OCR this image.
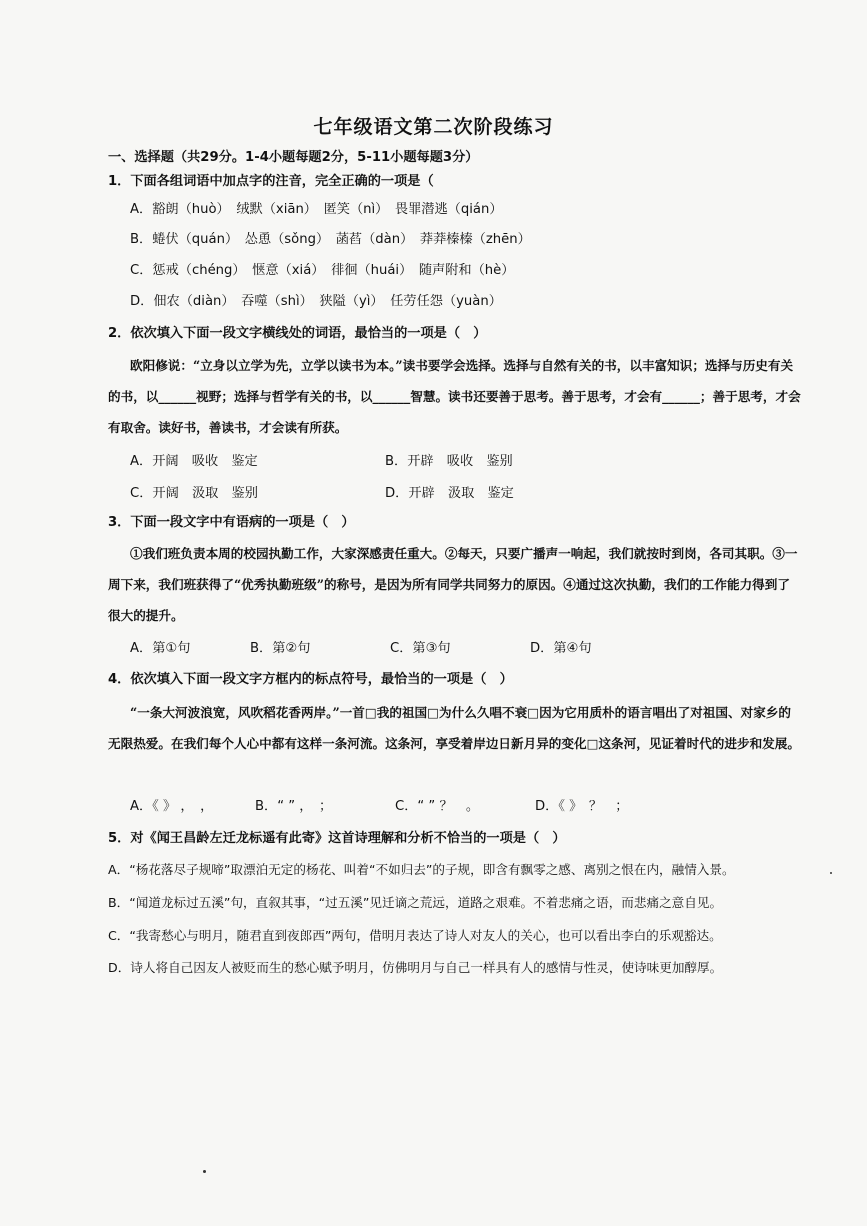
七年级语文第二次阶段练习
一、选择题（共29分。1-4小题每题2分，5-11小题每题3分）
1．下面各组词语中加点字的注音，完全正确的一项是（
A．豁朗（huò）　绒默（xiān）　匿笑（nì）　畏罪潜逃（qián）
B．蜷伏（quán）　怂恿（sǒng）　菡萏（dàn）　莽莽榛榛（zhēn）
C．惩戒（chéng）　惬意（xiá）　徘徊（huái）　随声附和（hè）
D．佃农（diàn）　吞噬（shì）　狭隘（yì）　任劳任怨（yuàn）
2．依次填入下面一段文字横线处的词语，最恰当的一项是（　）
欧阳修说：“立身以立学为先，立学以读书为本。”读书要学会选择。选择与自然有关的书，以丰富知识；选择与历史有关的书，以______视野；选择与哲学有关的书，以______智慧。读书还要善于思考。善于思考，才会有______；善于思考，才会有取舍。读好书，善读书，才会读有所获。
A．开阔　吸收　鉴定	B．开辟　吸收　鉴别
C．开阔　汲取　鉴别	D．开辟　汲取　鉴定
3．下面一段文字中有语病的一项是（　）
①我们班负责本周的校园执勤工作，大家深感责任重大。②每天，只要广播声一响起，我们就按时到岗，各司其职。③一周下来，我们班获得了“优秀执勤班级”的称号，是因为所有同学共同努力的原因。④通过这次执勤，我们的工作能力得到了很大的提升。
A．第①句	B．第②句	C．第③句	D．第④句
4．依次填入下面一段文字方框内的标点符号，最恰当的一项是（　）
“一条大河波浪宽，风吹稻花香两岸。”一首□我的祖国□为什么久唱不衰□因为它用质朴的语言唱出了对祖国、对家乡的无限热爱。在我们每个人心中都有这样一条河流。这条河，享受着岸边日新月异的变化□这条河，见证着时代的进步和发展。
A．《 》 ，　，	B．“ ” ，　；	C．“ ” ？　。	D．《 》　？　；
5．对《闻王昌龄左迁龙标遥有此寄》这首诗理解和分析不恰当的一项是（　）
A．“杨花落尽子规啼”取漂泊无定的杨花、叫着“不如归去”的子规，即含有飘零之感、离别之恨在内，融情入景。
B．“闻道龙标过五溪”句，直叙其事，“过五溪”见迁谪之荒远，道路之艰难。不着悲痛之语，而悲痛之意自见。
C．“我寄愁心与明月，随君直到夜郎西”两句，借明月表达了诗人对友人的关心，也可以看出李白的乐观豁达。
D．诗人将自己因友人被贬而生的愁心赋予明月，仿佛明月与自己一样具有人的感情与性灵，使诗味更加醇厚。
